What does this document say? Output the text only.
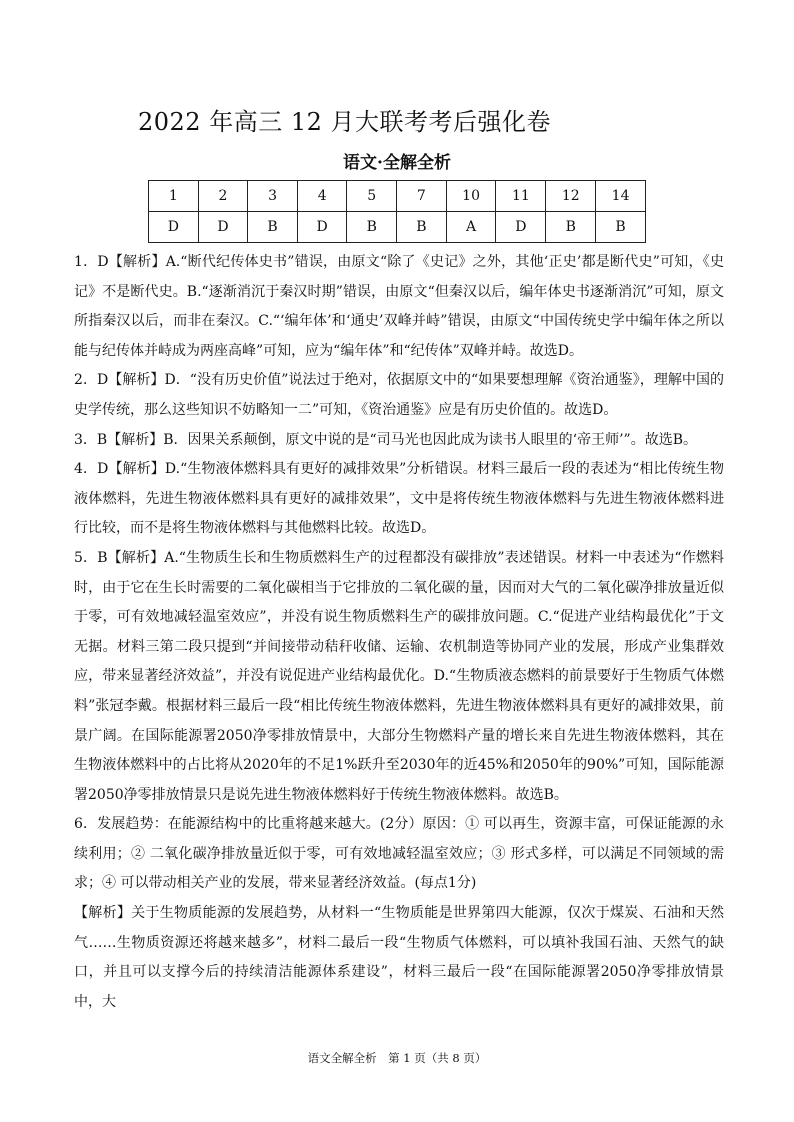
2022 年高三 12 月大联考考后强化卷
语文·全解全析
1	2	3	4	5	7	10	11	12	14
D	D	B	D	B	B	A	D	B	B

1．D【解析】A.“断代纪传体史书”错误，由原文“除了《史记》之外，其他‘正史’都是断代史”可知，《史记》不是断代史。B.“逐渐消沉于秦汉时期”错误，由原文“但秦汉以后，编年体史书逐渐消沉”可知，原文所指秦汉以后，而非在秦汉。C.“‘编年体’和‘通史’双峰并峙”错误，由原文“中国传统史学中编年体之所以能与纪传体并峙成为两座高峰”可知，应为“编年体”和“纪传体”双峰并峙。故选D。

2．D【解析】D．“没有历史价值”说法过于绝对，依据原文中的“如果要想理解《资治通鉴》，理解中国的史学传统，那么这些知识不妨略知一二”可知，《资治通鉴》应是有历史价值的。故选D。

3．B【解析】B．因果关系颠倒，原文中说的是“司马光也因此成为读书人眼里的‘帝王师’”。故选B。

4．D【解析】D.“生物液体燃料具有更好的减排效果”分析错误。材料三最后一段的表述为“相比传统生物液体燃料，先进生物液体燃料具有更好的减排效果”，文中是将传统生物液体燃料与先进生物液体燃料进行比较，而不是将生物液体燃料与其他燃料比较。故选D。

5．B【解析】A.“生物质生长和生物质燃料生产的过程都没有碳排放”表述错误。材料一中表述为“作燃料时，由于它在生长时需要的二氧化碳相当于它排放的二氧化碳的量，因而对大气的二氧化碳净排放量近似于零，可有效地减轻温室效应”，并没有说生物质燃料生产的碳排放问题。C.“促进产业结构最优化”于文无据。材料三第二段只提到“并间接带动秸秆收储、运输、农机制造等协同产业的发展，形成产业集群效应，带来显著经济效益”，并没有说促进产业结构最优化。D.“生物质液态燃料的前景要好于生物质气体燃料”张冠李戴。根据材料三最后一段“相比传统生物液体燃料，先进生物液体燃料具有更好的减排效果，前景广阔。在国际能源署2050净零排放情景中，大部分生物燃料产量的增长来自先进生物液体燃料，其在生物液体燃料中的占比将从2020年的不足1%跃升至2030年的近45%和2050年的90%”可知，国际能源署2050净零排放情景只是说先进生物液体燃料好于传统生物液体燃料。故选B。

6．发展趋势：在能源结构中的比重将越来越大。(2分）原因：① 可以再生，资源丰富，可保证能源的永续利用；② 二氧化碳净排放量近似于零，可有效地减轻温室效应；③ 形式多样，可以满足不同领域的需求；④ 可以带动相关产业的发展，带来显著经济效益。(每点1分)

【解析】关于生物质能源的发展趋势，从材料一“生物质能是世界第四大能源，仅次于煤炭、石油和天然气……生物质资源还将越来越多”，材料二最后一段“生物质气体燃料，可以填补我国石油、天然气的缺口，并且可以支撑今后的持续清洁能源体系建设”，材料三最后一段“在国际能源署2050净零排放情景中，大

语文全解全析　第 1 页（共 8 页）
